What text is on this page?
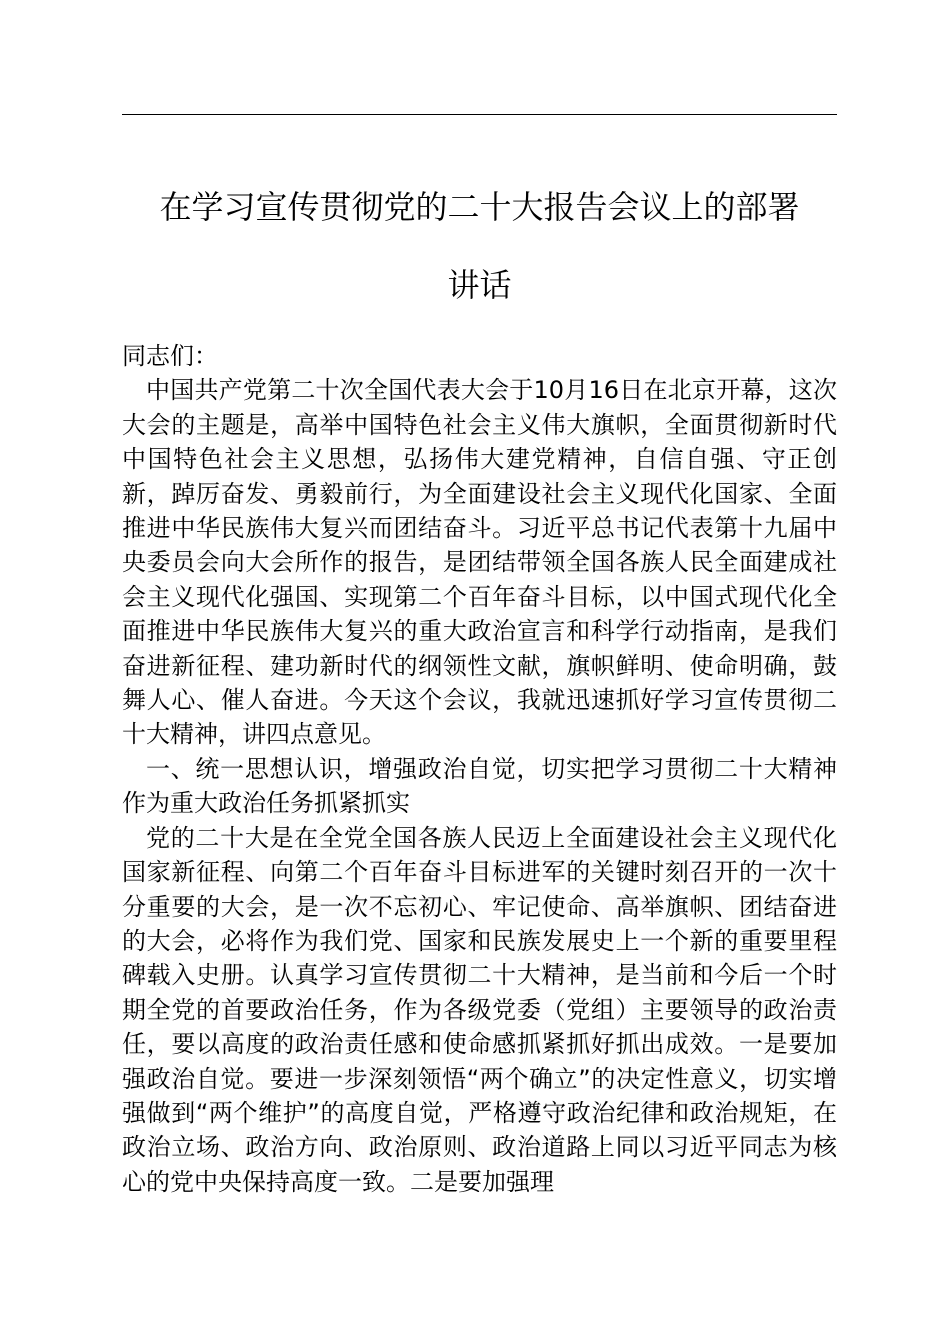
在学习宣传贯彻党的二十大报告会议上的部署
讲话

同志们：

中国共产党第二十次全国代表大会于10月16日在北京开幕，这次大会的主题是，高举中国特色社会主义伟大旗帜，全面贯彻新时代中国特色社会主义思想，弘扬伟大建党精神，自信自强、守正创新，踔厉奋发、勇毅前行，为全面建设社会主义现代化国家、全面推进中华民族伟大复兴而团结奋斗。习近平总书记代表第十九届中央委员会向大会所作的报告，是团结带领全国各族人民全面建成社会主义现代化强国、实现第二个百年奋斗目标，以中国式现代化全面推进中华民族伟大复兴的重大政治宣言和科学行动指南，是我们奋进新征程、建功新时代的纲领性文献，旗帜鲜明、使命明确，鼓舞人心、催人奋进。今天这个会议，我就迅速抓好学习宣传贯彻二十大精神，讲四点意见。

一、统一思想认识，增强政治自觉，切实把学习贯彻二十大精神作为重大政治任务抓紧抓实

党的二十大是在全党全国各族人民迈上全面建设社会主义现代化国家新征程、向第二个百年奋斗目标进军的关键时刻召开的一次十分重要的大会，是一次不忘初心、牢记使命、高举旗帜、团结奋进的大会，必将作为我们党、国家和民族发展史上一个新的重要里程碑载入史册。认真学习宣传贯彻二十大精神，是当前和今后一个时期全党的首要政治任务，作为各级党委（党组）主要领导的政治责任，要以高度的政治责任感和使命感抓紧抓好抓出成效。一是要加强政治自觉。要进一步深刻领悟“两个确立”的决定性意义，切实增强做到“两个维护”的高度自觉，严格遵守政治纪律和政治规矩，在政治立场、政治方向、政治原则、政治道路上同以习近平同志为核心的党中央保持高度一致。二是要加强理
